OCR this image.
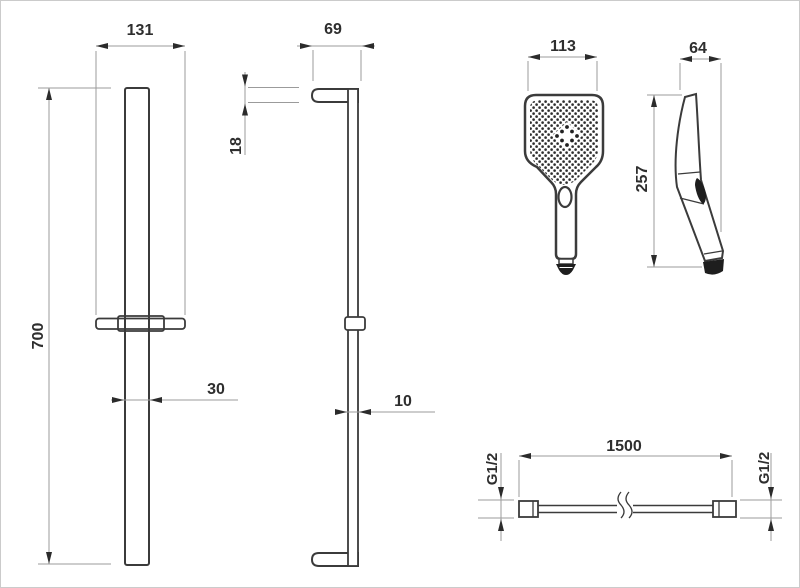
131
700
30
69
18
10
113
257
64
1500
G1/2	G1/2
